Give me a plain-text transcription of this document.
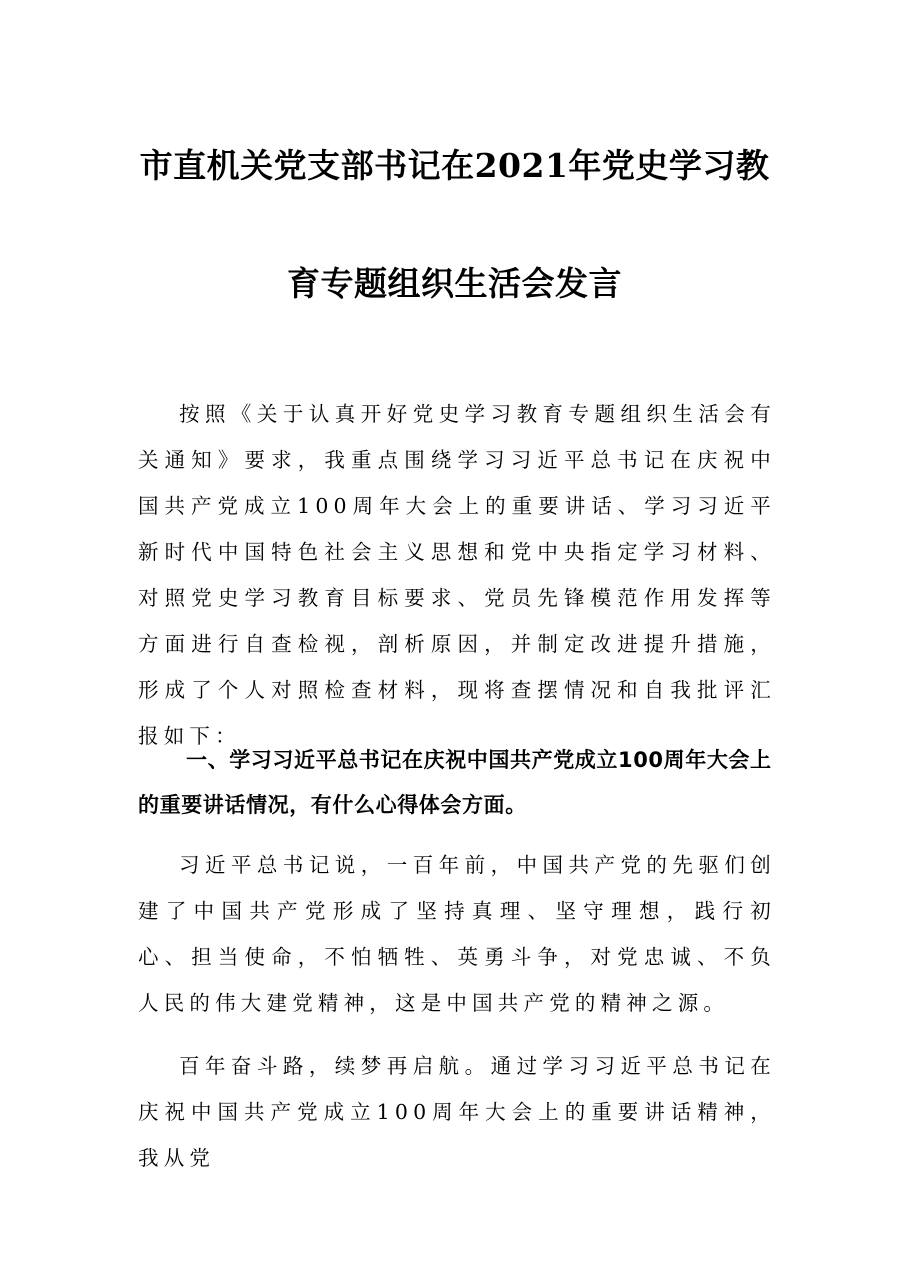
市直机关党支部书记在2021年党史学习教
育专题组织生活会发言

按照《关于认真开好党史学习教育专题组织生活会有关通知》要求，我重点围绕学习习近平总书记在庆祝中国共产党成立100周年大会上的重要讲话、学习习近平新时代中国特色社会主义思想和党中央指定学习材料、对照党史学习教育目标要求、党员先锋模范作用发挥等方面进行自查检视，剖析原因，并制定改进提升措施，形成了个人对照检查材料，现将查摆情况和自我批评汇报如下：

一、学习习近平总书记在庆祝中国共产党成立100周年大会上的重要讲话情况，有什么心得体会方面。

习近平总书记说，一百年前，中国共产党的先驱们创建了中国共产党形成了坚持真理、坚守理想，践行初心、担当使命，不怕牺牲、英勇斗争，对党忠诚、不负人民的伟大建党精神，这是中国共产党的精神之源。

百年奋斗路，续梦再启航。通过学习习近平总书记在庆祝中国共产党成立100周年大会上的重要讲话精神，我从党
